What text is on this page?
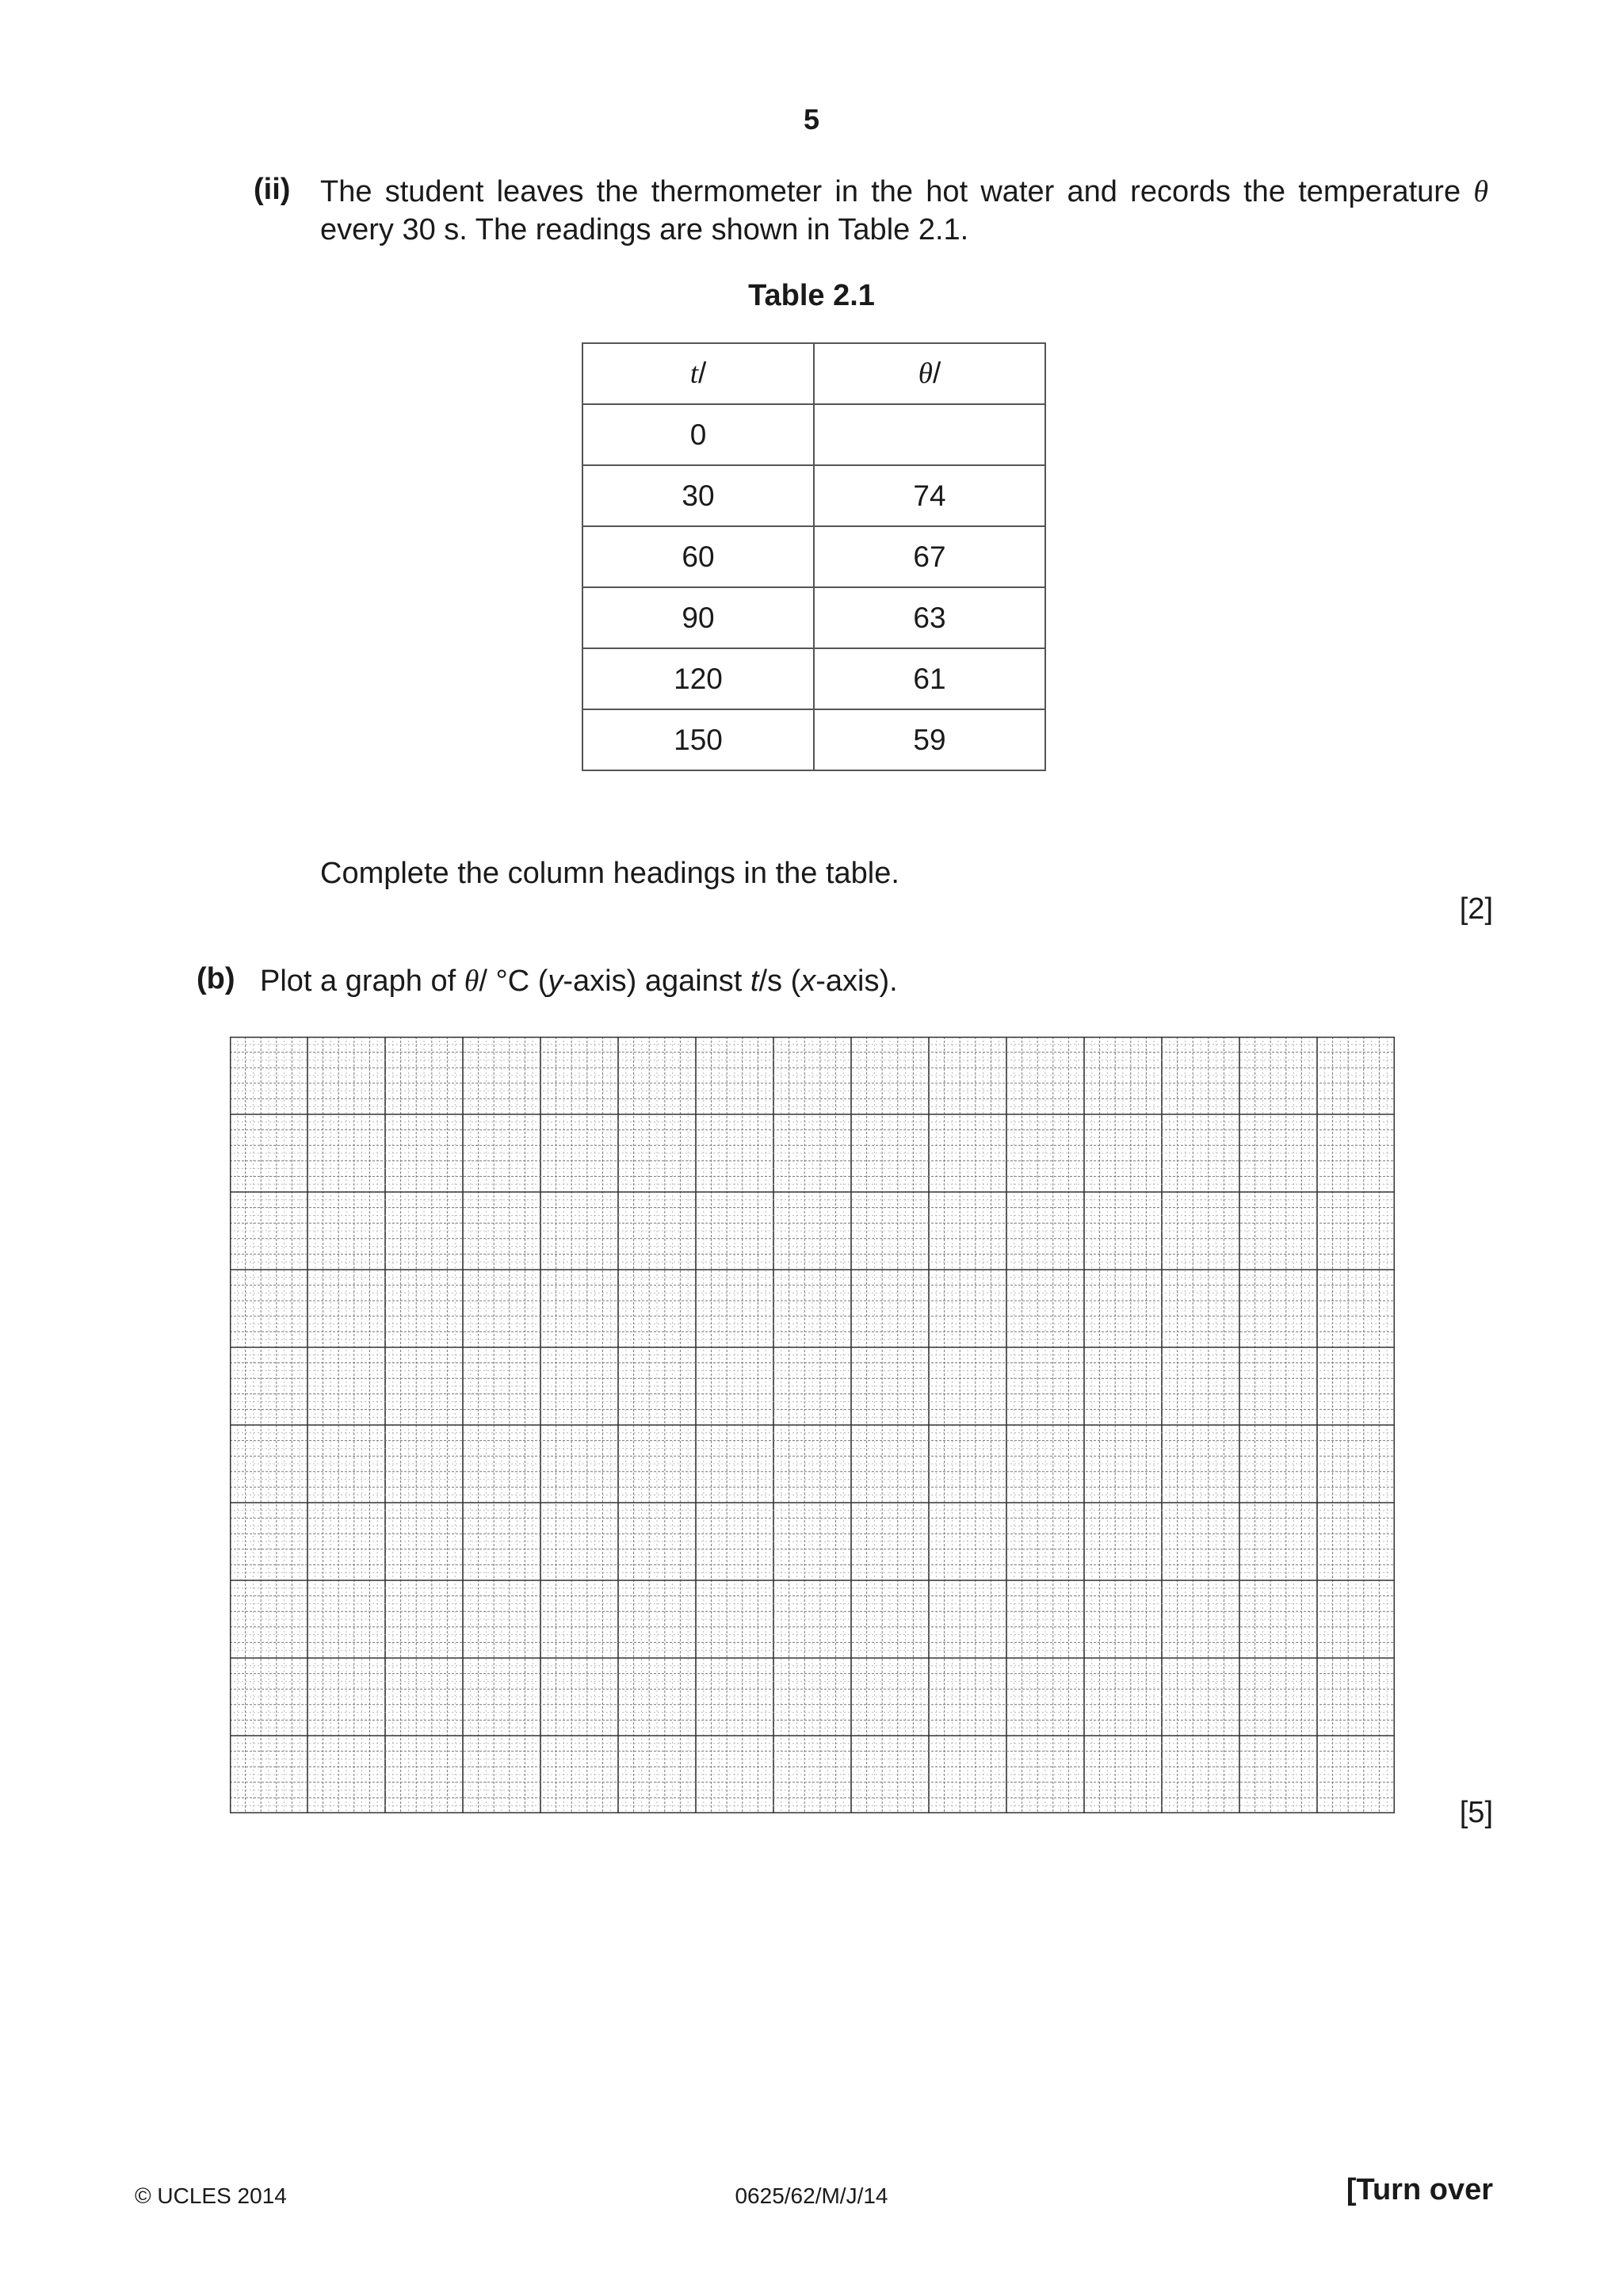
5
(ii) The student leaves the thermometer in the hot water and records the temperature θ
every 30 s. The readings are shown in Table 2.1.
Table 2.1
t/	θ/
0	
30	74
60	67
90	63
120	61
150	59
Complete the column headings in the table.
[2]
(b) Plot a graph of θ/ °C (y-axis) against t/s (x-axis).
[5]
© UCLES 2014	0625/62/M/J/14	[Turn over
